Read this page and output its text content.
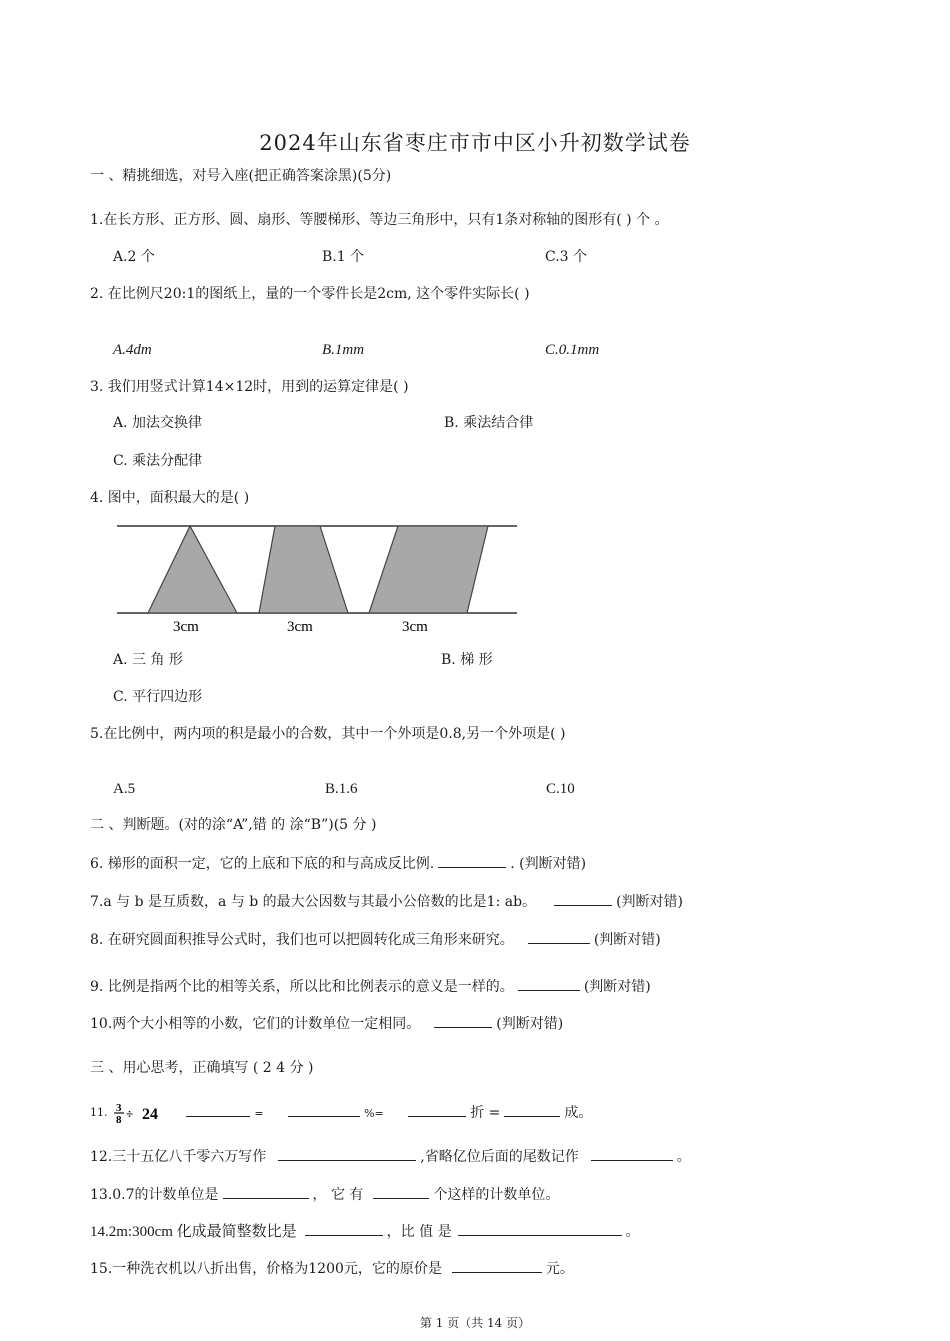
2024年山东省枣庄市市中区小升初数学试卷
一 、精挑细选，对号入座(把正确答案涂黑)(5分)
1.在长方形、正方形、圆、扇形、等腰梯形、等边三角形中，只有1条对称轴的图形有( ) 个 。
A.2 个	B.1 个	C.3 个
2. 在比例尺20:1的图纸上，量的一个零件长是2cm, 这个零件实际长( )
A.4dm	B.1mm	C.0.1mm
3. 我们用竖式计算14×12时，用到的运算定律是( )
A. 加法交换律	B. 乘法结合律
C. 乘法分配律
4. 图中，面积最大的是( )
3cm	3cm	3cm
A. 三 角 形	B. 梯 形
C. 平行四边形
5.在比例中，两内项的积是最小的合数，其中一个外项是0.8,另一个外项是( )
A.5	B.1.6	C.10
二 、判断题。(对的涂“A”,错 的 涂“B”)(5 分 )
6. 梯形的面积一定，它的上底和下底的和与高成反比例.	. (判断对错)
7.a 与 b 是互质数，a 与 b 的最大公因数与其最小公倍数的比是1: ab。	(判断对错)
8. 在研究圆面积推导公式时，我们也可以把圆转化成三角形来研究。	(判断对错)
9. 比例是指两个比的相等关系，所以比和比例表示的意义是一样的。	(判断对错)
10.两个大小相等的小数，它们的计数单位一定相同。	(判断对错)
三 、用心思考，正确填写 ( 2 4 分 )
11. 3
8 ÷ 24	=	%=	折 =	成。
12.三十五亿八千零六万写作	,省略亿位后面的尾数记作	。
13.0.7的计数单位是	， 它 有	个这样的计数单位。
14.2m:300cm 化成最简整数比是	，比 值 是	。
15.一种洗衣机以八折出售，价格为1200元，它的原价是	元。
第 1 页（共 14 页）
